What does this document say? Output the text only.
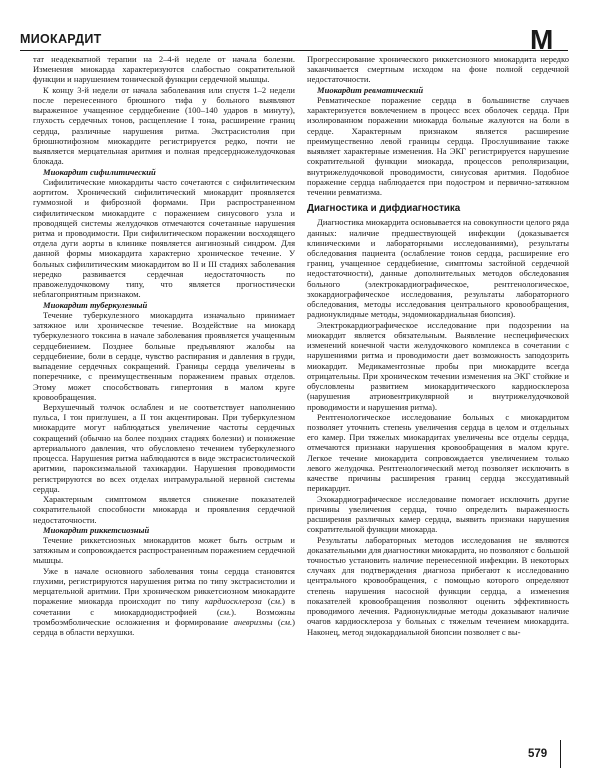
МИОКАРДИТ	М

тат неадекватной терапии на 2–4-й неделе от начала болезни. Изменения миокарда характеризуются слабостью сократительной функции и нарушением тонической функции сердечной мышцы.

К концу 3-й недели от начала заболевания или спустя 1–2 недели после перенесенного брюшного тифа у больного выявляют выраженное учащенное сердцебиение (100–140 ударов в минуту), глухость сердечных тонов, расщепление I тона, расширение границ сердца, различные нарушения ритма. Экстрасистолия при брюшнотифозном миокардите регистрируется редко, почти не выявляется мерцательная аритмия и полная предсердножелудочковая блокада.

Миокардит сифилитический

Сифилитические миокардиты часто сочетаются с сифилитическим аортитом. Хронический сифилитический миокардит проявляется гуммозной и фиброзной формами. При распространенном сифилитическом миокардите с поражением синусового узла и проводящей системы желудочков отмечаются сочетанные нарушения ритма и проводимости. При сифилитическом поражении восходящего отдела дуги аорты в клинике появляется ангинозный синдром. Для данной формы миокардита характерно хроническое течение. У больных сифилитическим миокардитом во II и III стадиях заболевания нередко развивается сердечная недостаточность по правожелудочковому типу, что является прогностически неблагоприятным признаком.

Миокардит туберкулезный

Течение туберкулезного миокардита изначально принимает затяжное или хроническое течение. Воздействие на миокард туберкулезного токсина в начале заболевания проявляется учащенным сердцебиением. Позднее больные предъявляют жалобы на сердцебиение, боли в сердце, чувство распирания и давления в груди, выпадение сердечных сокращений. Границы сердца увеличены в поперечнике, с преимущественным поражением правых отделов. Этому может способствовать гипертония в малом круге кровообращения.

Верхушечный толчок ослаблен и не соответствует наполнению пульса, I тон приглушен, а II тон акцентирован. При туберкулезном миокардите могут наблюдаться увеличение частоты сердечных сокращений (обычно на более поздних стадиях болезни) и понижение артериального давления, что обусловлено течением туберкулезного процесса. Нарушения ритма наблюдаются в виде экстрасистолической аритмии, пароксизмальной тахикардии. Нарушения проводимости регистрируются во всех отделах интрамуральной нервной системы сердца.

Характерным симптомом является снижение показателей сократительной способности миокарда и проявления сердечной недостаточности.

Миокардит риккетсиозный

Течение риккетсиозных миокардитов может быть острым и затяжным и сопровождается распространенным поражением сердечной мышцы.

Уже в начале основного заболевания тоны сердца становятся глухими, регистрируются нарушения ритма по типу экстрасистолии и мерцательной аритмии. При хроническом риккетсиозном миокардите поражение миокарда происходит по типу кардиосклероза (см.) в сочетании с миокардиодистрофией (см.). Возможны тромбоэмболические осложнения и формирование аневризмы (см.) сердца в области верхушки.

Прогрессирование хронического риккетсиозного миокардита нередко заканчивается смертным исходом на фоне полной сердечной недостаточности.

Миокардит ревматический

Ревматическое поражение сердца в большинстве случаев характеризуется вовлечением в процесс всех оболочек сердца. При изолированном поражении миокарда больные жалуются на боли в сердце. Характерным признаком является расширение преимущественно левой границы сердца. Прослушивание также выявляет характерные изменения. На ЭКГ регистрируется нарушение сократительной функции миокарда, процессов реполяризации, внутрижелудочковой проводимости, синусовая аритмия. Подобное поражение сердца наблюдается при подостром и первично-затяжном течении ревматизма.

Диагностика и дифдиагностика

Диагностика миокардита основывается на совокупности целого ряда данных: наличие предшествующей инфекции (доказывается клиническими и лабораторными исследованиями), результаты обследования пациента (ослабление тонов сердца, расширение его границ, учащенное сердцебиение, симптомы застойной сердечной недостаточности), данные дополнительных методов обследования больного (электрокардиографическое, рентгенологическое, эхокардиографическое исследования, результаты лабораторного обследования, методы исследования центрального кровообращения, радионуклидные методы, эндомиокардиальная биопсия).

Электрокардиографическое исследование при подозрении на миокардит является обязательным. Выявление неспецифических изменений конечной части желудочкового комплекса в сочетании с нарушениями ритма и проводимости дает возможность заподозрить миокардит. Медикаментозные пробы при миокардите всегда отрицательны. При хроническом течении изменения на ЭКГ стойкие и обусловлены развитием миокардитического кардиосклероза (нарушения атриовентрикулярной и внутрижелудочковой проводимости и нарушения ритма).

Рентгенологическое исследование больных с миокардитом позволяет уточнить степень увеличения сердца в целом и отдельных его камер. При тяжелых миокардитах увеличены все отделы сердца, отмечаются признаки нарушения кровообращения в малом круге. Легкое течение миокардита сопровождается увеличением только левого желудочка. Рентгенологический метод позволяет исключить в качестве причины расширения границ сердца экссудативный перикардит.

Эхокардиографическое исследование помогает исключить другие причины увеличения сердца, точно определить выраженность расширения различных камер сердца, выявить признаки нарушения сократительной функции миокарда.

Результаты лабораторных методов исследования не являются доказательными для диагностики миокардита, но позволяют с большой точностью установить наличие перенесенной инфекции. В некоторых случаях для подтверждения диагноза прибегают к исследованию центрального кровообращения, с помощью которого определяют степень нарушения насосной функции сердца, а изменения показателей кровообращения позволяют оценить эффективность проводимого лечения. Радионуклидные методы доказывают наличие очагов кардиосклероза у больных с тяжелым течением миокардита. Наконец, метод эндокардиальной биопсии позволяет с вы-

579
